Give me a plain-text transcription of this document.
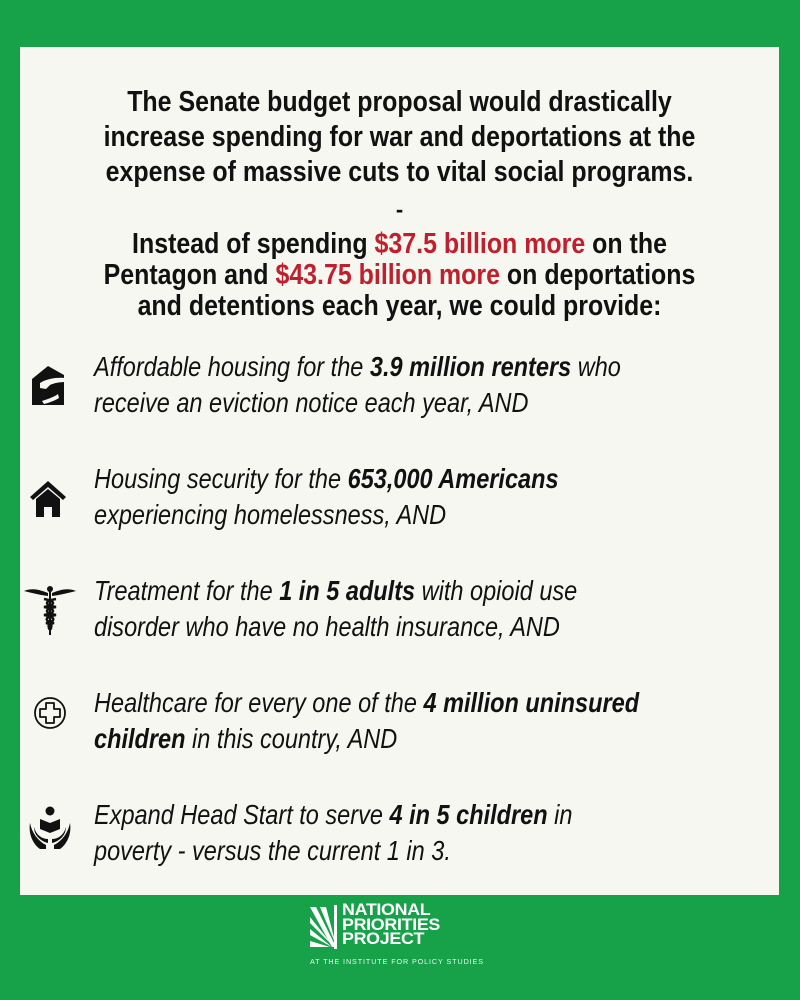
The Senate budget proposal would drastically
increase spending for war and deportations at the
expense of massive cuts to vital social programs.
-
Instead of spending $37.5 billion more on the
Pentagon and $43.75 billion more on deportations
and detentions each year, we could provide:
Affordable housing for the 3.9 million renters who
receive an eviction notice each year, AND
Housing security for the 653,000 Americans
experiencing homelessness, AND
Treatment for the 1 in 5 adults with opioid use
disorder who have no health insurance, AND
Healthcare for every one of the 4 million uninsured
children in this country, AND
Expand Head Start to serve 4 in 5 children in
poverty - versus the current 1 in 3.
NATIONAL
PRIORITIES
PROJECT
AT THE INSTITUTE FOR POLICY STUDIES
